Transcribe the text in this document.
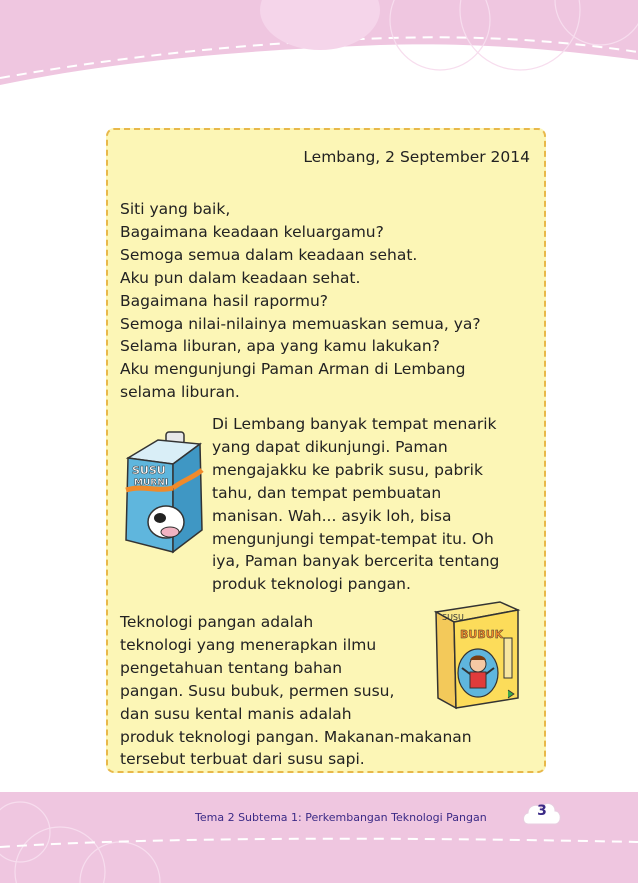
Lembang, 2 September 2014
Siti yang baik,
Bagaimana keadaan keluargamu?
Semoga semua dalam keadaan sehat.
Aku pun dalam keadaan sehat.
Bagaimana hasil rapormu?
Semoga nilai-nilainya memuaskan semua, ya?
Selama liburan, apa yang kamu lakukan?
Aku mengunjungi Paman Arman di Lembang
selama liburan.
Di Lembang banyak tempat menarik
yang dapat dikunjungi. Paman
mengajakku ke pabrik susu, pabrik
tahu, dan tempat pembuatan
manisan. Wah... asyik loh, bisa
mengunjungi tempat-tempat itu. Oh
iya, Paman banyak bercerita tentang
produk teknologi pangan.
Teknologi pangan adalah
teknologi yang menerapkan ilmu
pengetahuan tentang bahan
pangan. Susu bubuk, permen susu,
dan susu kental manis adalah
produk teknologi pangan. Makanan-makanan
tersebut terbuat dari susu sapi.
SUSU
MURNI
SUSU
BUBUK
Tema 2 Subtema 1: Perkembangan Teknologi Pangan	3
